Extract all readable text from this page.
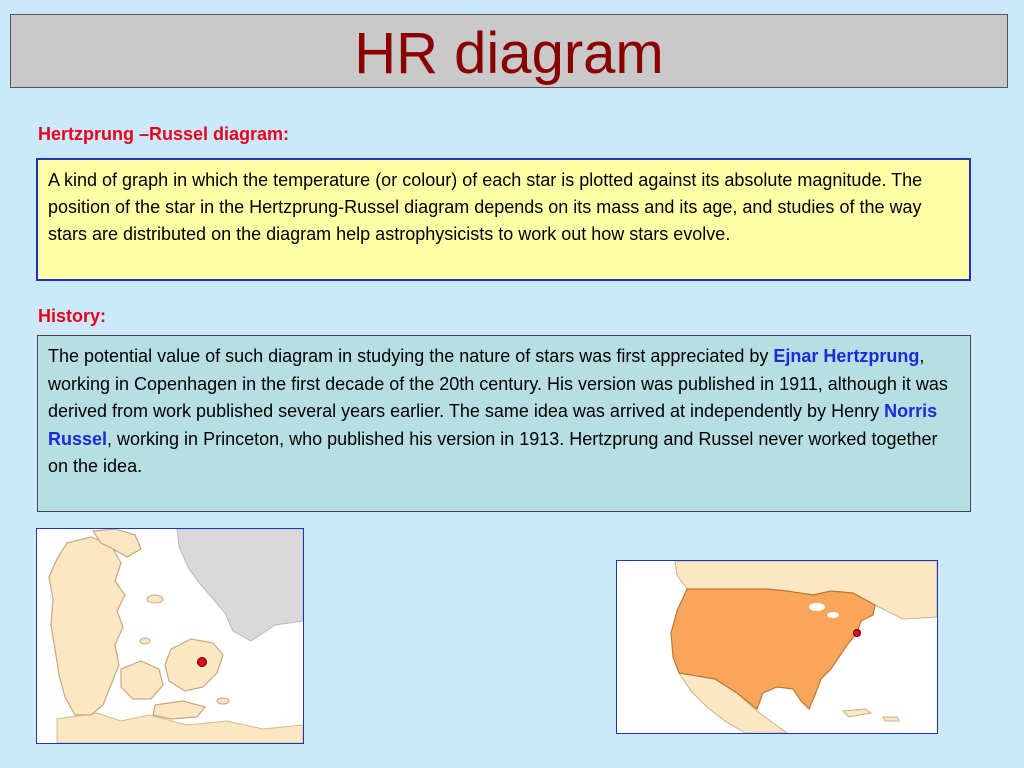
HR diagram
Hertzprung –Russel diagram:
A kind of graph in which the temperature (or colour) of each star is plotted against its absolute magnitude. The position of the star in the Hertzprung-Russel diagram depends on its mass and its age, and studies of the way stars are distributed on the diagram help astrophysicists to work out how stars evolve.
History:
The potential value of such diagram in studying the nature of stars was first appreciated by Ejnar Hertzprung, working in Copenhagen in the first decade of the 20th century. His version was published in 1911, although it was derived from work published several years earlier. The same idea was arrived at independently by Henry Norris Russel, working in Princeton, who published his version in 1913. Hertzprung and Russel never worked together on the idea.
